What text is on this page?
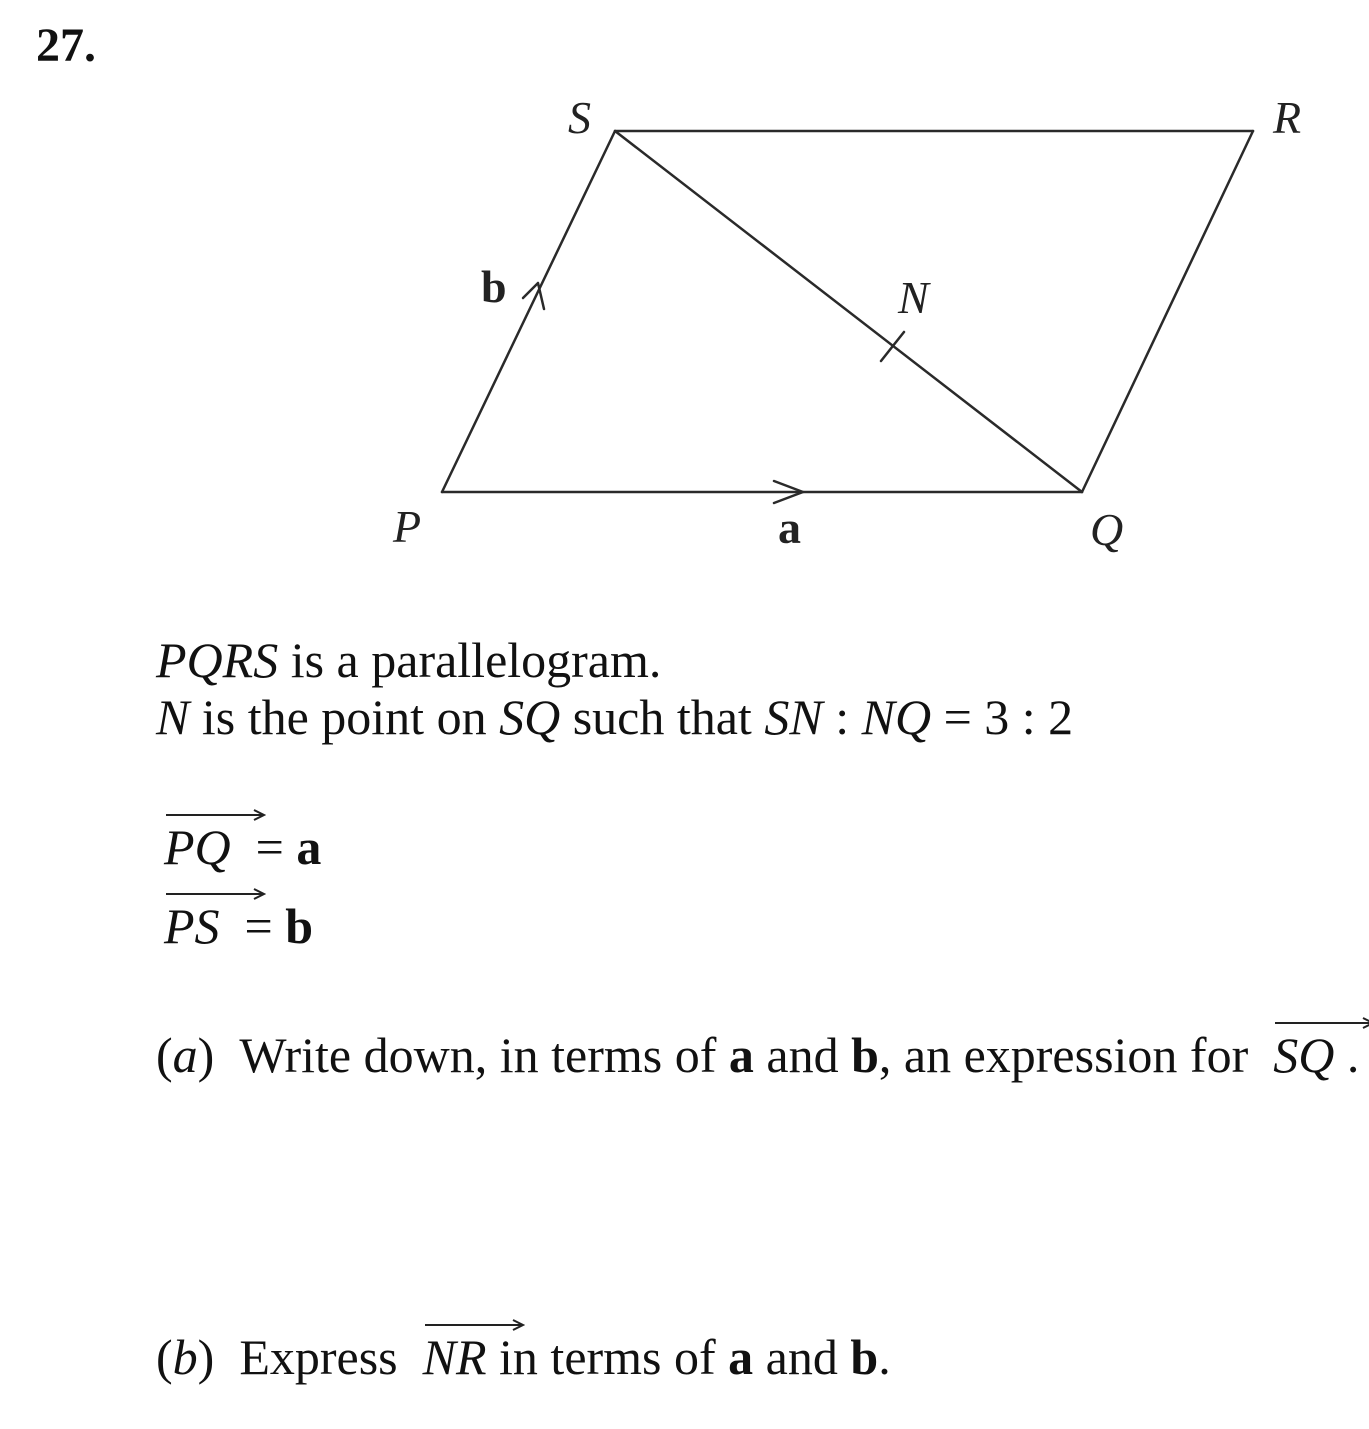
27.
S	R
P	Q
N
b
a
PQRS is a parallelogram.
N is the point on SQ such that SN : NQ = 3 : 2
PQ = a
PS = b
(a) Write down, in terms of a and b, an expression for SQ .
(b) Express NR in terms of a and b.
